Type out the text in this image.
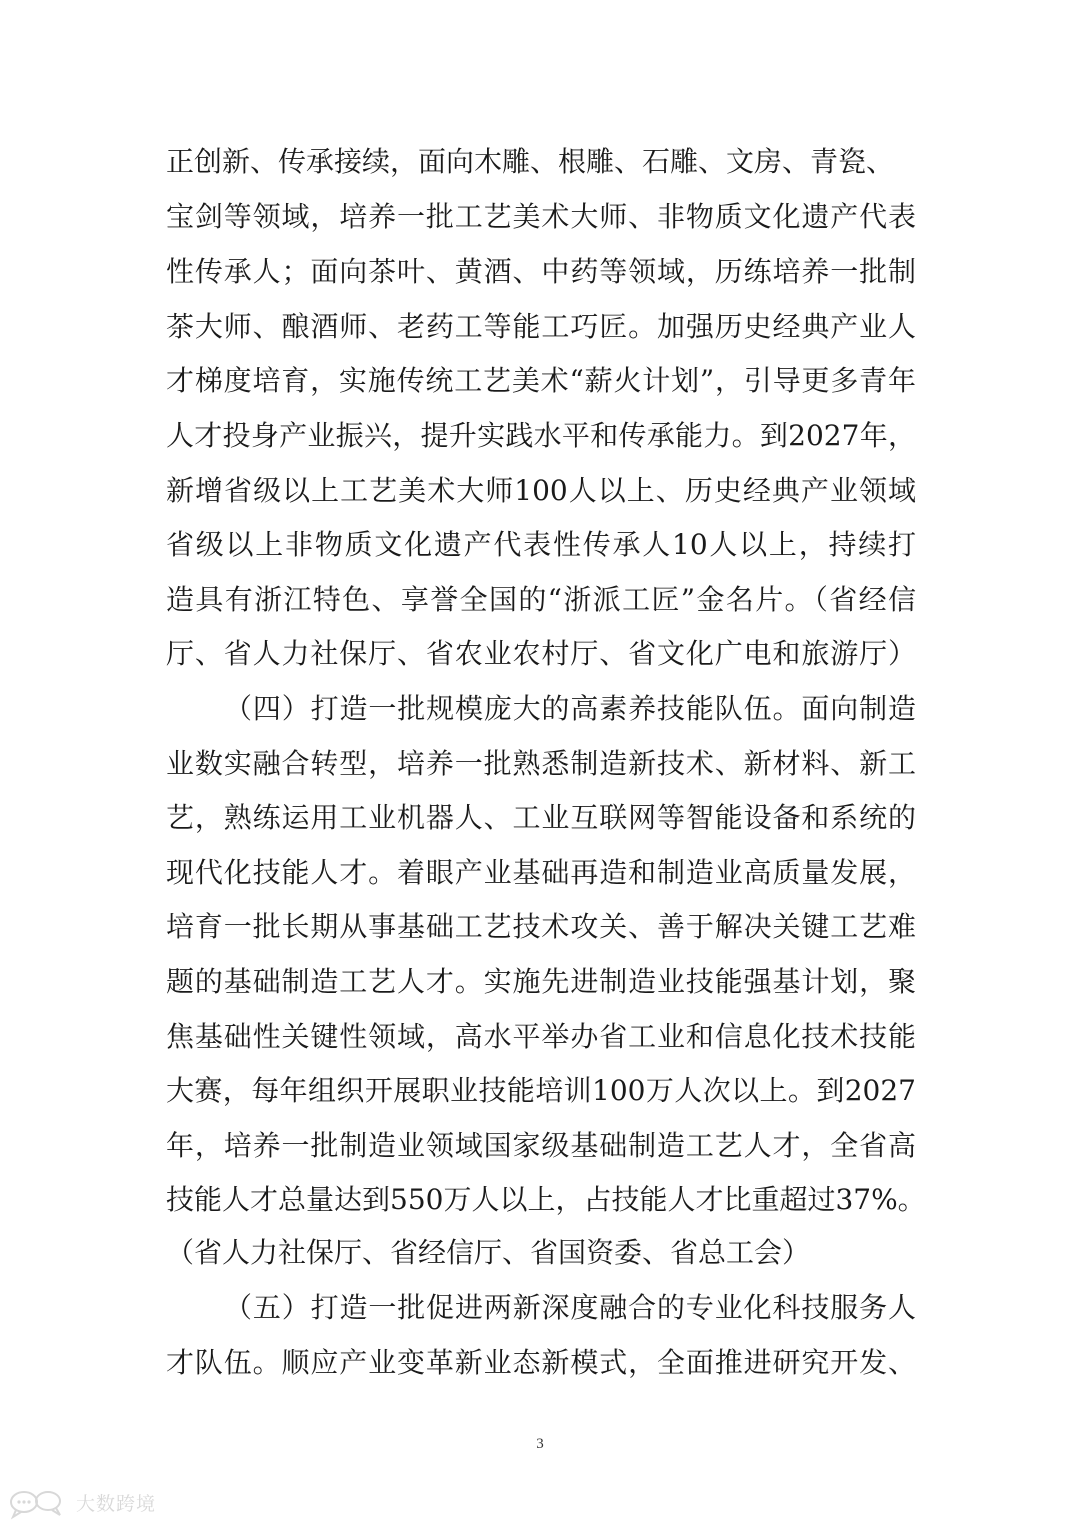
正创新、传承接续，面向木雕、根雕、石雕、文房、青瓷、
宝剑等领域，培养一批工艺美术大师、非物质文化遗产代表
性传承人；面向茶叶、黄酒、中药等领域，历练培养一批制
茶大师、酿酒师、老药工等能工巧匠。加强历史经典产业人
才梯度培育，实施传统工艺美术“薪火计划”，引导更多青年
人才投身产业振兴，提升实践水平和传承能力。到2027年，
新增省级以上工艺美术大师100人以上、历史经典产业领域
省级以上非物质文化遗产代表性传承人10人以上，持续打
造具有浙江特色、享誉全国的“浙派工匠”金名片。（省经信
厅、省人力社保厅、省农业农村厅、省文化广电和旅游厅）
（四）打造一批规模庞大的高素养技能队伍。面向制造
业数实融合转型，培养一批熟悉制造新技术、新材料、新工
艺，熟练运用工业机器人、工业互联网等智能设备和系统的
现代化技能人才。着眼产业基础再造和制造业高质量发展，
培育一批长期从事基础工艺技术攻关、善于解决关键工艺难
题的基础制造工艺人才。实施先进制造业技能强基计划，聚
焦基础性关键性领域，高水平举办省工业和信息化技术技能
大赛，每年组织开展职业技能培训100万人次以上。到2027
年，培养一批制造业领域国家级基础制造工艺人才，全省高
技能人才总量达到550万人以上，占技能人才比重超过37%。
（省人力社保厅、省经信厅、省国资委、省总工会）
（五）打造一批促进两新深度融合的专业化科技服务人
才队伍。顺应产业变革新业态新模式，全面推进研究开发、
3
大数跨境
